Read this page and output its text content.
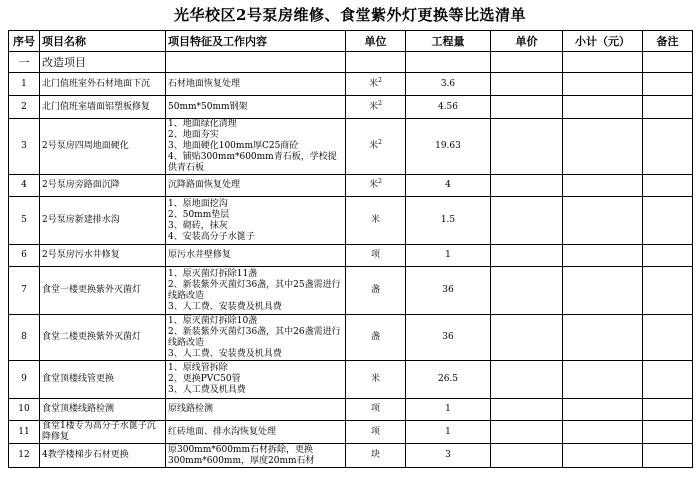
光华校区2号泵房维修、食堂紫外灯更换等比选清单
序号	项目名称	项目特征及工作内容	单位	工程量	单价	小计（元）	备注
一	改造项目						
1	北门值班室外石材地面下沉	石材地面恢复处理	米$^2$	3.6			
2	北门值班室墙面铝塑板修复	50mm*50mm钢架	米$^2$	4.56			
3	2号泵房四周地面硬化	1、地面绿化清理
2、地面夯实
3、地面硬化100mm厚C25商砼
4、铺贴300mm*600mm青石板，学校提供青石板	米$^2$	19.63			
4	2号泵房旁路面沉降	沉降路面恢复处理	米$^2$	4			
5	2号泵房新建排水沟	1、原地面挖沟
2、50mm垫层
3、砌砖，抹灰
4、安装高分子水篦子	米	1.5			
6	2号泵房污水井修复	原污水井壁修复	项	1			
7	食堂一楼更换紫外灭菌灯	1、原灭菌灯拆除11盏
2、新装紫外灭菌灯36盏，其中25盏需进行线路改造
3、人工费、安装费及机具费	盏	36			
8	食堂二楼更换紫外灭菌灯	1、原灭菌灯拆除10盏
2、新装紫外灭菌灯36盏，其中26盏需进行线路改造
3、人工费、安装费及机具费	盏	36			
9	食堂顶楼线管更换	1、原线管拆除
2、更换PVC50管
3、人工费及机具费	米	26.5			
10	食堂顶楼线路检测	原线路检测	项	1			
11	食堂1楼专为高分子水篦子沉降修复	红砖地面、排水沟恢复处理	项	1			
12	4教学楼梯步石材更换	原300mm*600mm石材拆除，更换300mm*600mm，厚度20mm石材	块	3			
